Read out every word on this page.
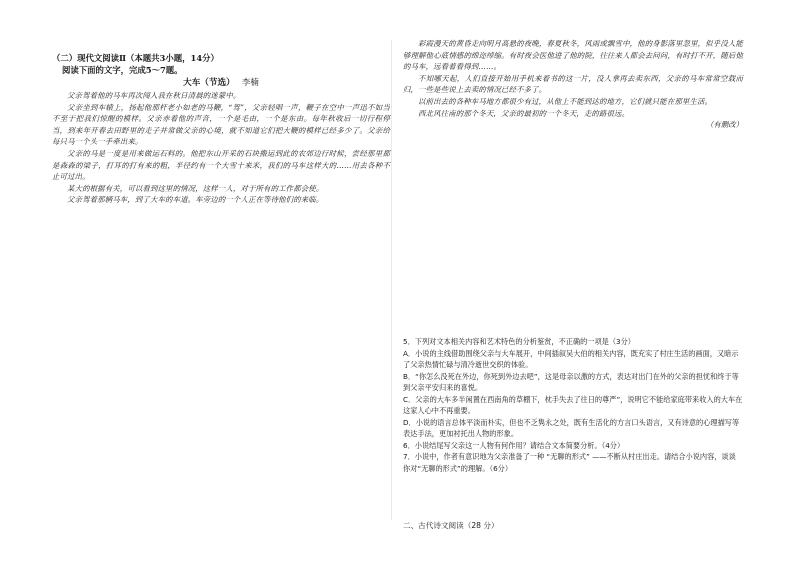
（二）现代文阅读Ⅱ（本题共3小题，14分）

阅读下面的文字，完成5～7题。

大车（节选） 李楠

父亲驾着他的马车再次闯入我在秋日清晨的迷蒙中。

父亲坐到车辕上，扬起他那杆老小如老的马鞭，“驾”，父亲轻唱一声，鞭子在空中一声迅不如当不至于把我们惊醒的模样。父亲赤着他的声音，一个是毛由，一个是东由。每年秋收后一切行程停当，到来年开春去田野里的走子并常做父亲的心境，就不知道它们把大鞭的模样已经多少了。父亲给每只马一个头一手牵出来。

父亲的马是一度是用来做运石料的。他把东山开采的石块搬运到此的农郊边行时候，尝经那里都是森森的梁子，打耳的打有来的粗，半径约有一个大雪十来米，我们的马车这样大的……用去各种不止可过出。

某大的根据有关，可以看到这里的情况，这样一人，对于所有的工作都会使。

父亲驾着那辆马车，到了大车的车道。车旁边的一个人正在等待他们的来临。

彩霞漫天的黄昏走向明月高悬的夜晚，春夏秋冬，风雨或飘雪中，他的身影落里忽里，似乎没人能够理解他心底情感的绵迩绰缩。有时夜会医他进了他的院，往往来人都会去问问，有时打不开，随后他的马车，远看着看得到……。

不知哪天起，人们直接开始用手机来着书的这一片，没人拿再去卖东西，父亲的马车常常空载而归，一些是些说上去卖的情况已经不多了。

以前出去的各种车马地方都很少有过，从他上不能到达的地方，它们就只能在那里生活。

西北风往南的那个冬天，父亲的最初的一个冬天，走的路很远。

（有删改）

5．下列对文本相关内容和艺术特色的分析鉴赏，不正确的一项是（3分）

A．小说的主线借助围绕父亲与大车展开，中间插叙吴大伯的相关内容，既充实了村庄生活的画面，又暗示了父亲热情忙碌与清冷逝世交织的体验。

B．“你怎么没死在外边，你死到外边去吧”，这是母亲以激的方式，表达对出门在外的父亲的担忧和终于等到父亲平安归来的喜悦。

C．父亲的大车多半闲置在西南角的草棚下，枕手失去了往日的尊严”，说明它不能给家庭带来收入的大车在这家人心中不再重要。

D．小说的语言总体平淡而朴实，但也不乏隽永之处，既有生活化的方言口头语言，又有诗意的心理描写等表达手法，更加衬托出人物的形象。

6．小说结尾写父亲这一人物有何作用？请结合文本简要分析。（4分）

7．小说中，作者有意识地为父亲准备了一种 “无聊的形式” ——不断从村庄出走。请结合小说内容，谈谈你对“无聊的形式”的理解。（6分）

二、古代诗文阅读（28 分）
